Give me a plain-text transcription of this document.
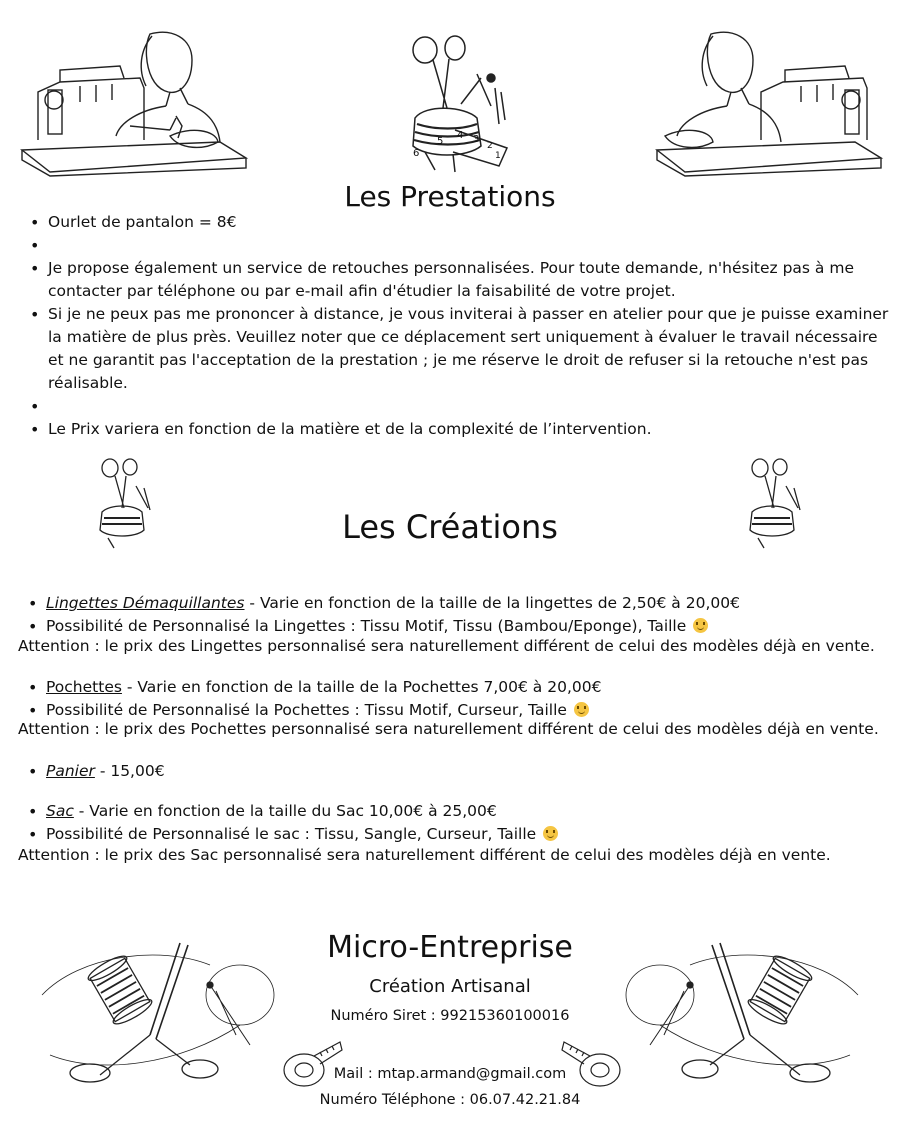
6
5
4 3
2
1
Les Prestations
• Ourlet de pantalon = 8€
•
• Je propose également un service de retouches personnalisées. Pour toute demande, n'hésitez pas à me contacter par téléphone ou par e-mail afin d'étudier la faisabilité de votre projet.
• Si je ne peux pas me prononcer à distance, je vous inviterai à passer en atelier pour que je puisse examiner la matière de plus près. Veuillez noter que ce déplacement sert uniquement à évaluer le travail nécessaire et ne garantit pas l'acceptation de la prestation ; je me réserve le droit de refuser si la retouche n'est pas réalisable.
•
• Le Prix variera en fonction de la matière et de la complexité de l’intervention.
Les Créations
• Lingettes Démaquillantes - Varie en fonction de la taille de la lingettes de 2,50€ à 20,00€
• Possibilité de Personnalisé la Lingettes : Tissu Motif, Tissu (Bambou/Eponge), Taille
Attention : le prix des Lingettes personnalisé sera naturellement différent de celui des modèles déjà en vente.
• Pochettes - Varie en fonction de la taille de la Pochettes 7,00€ à 20,00€
• Possibilité de Personnalisé la Pochettes : Tissu Motif, Curseur, Taille
Attention : le prix des Pochettes personnalisé sera naturellement différent de celui des modèles déjà en vente.
• Panier - 15,00€
• Sac - Varie en fonction de la taille du Sac 10,00€ à 25,00€
• Possibilité de Personnalisé le sac : Tissu, Sangle, Curseur, Taille
Attention : le prix des Sac personnalisé sera naturellement différent de celui des modèles déjà en vente.
Micro-Entreprise
Création Artisanal
Numéro Siret : 99215360100016
Mail : mtap.armand@gmail.com
Numéro Téléphone : 06.07.42.21.84
